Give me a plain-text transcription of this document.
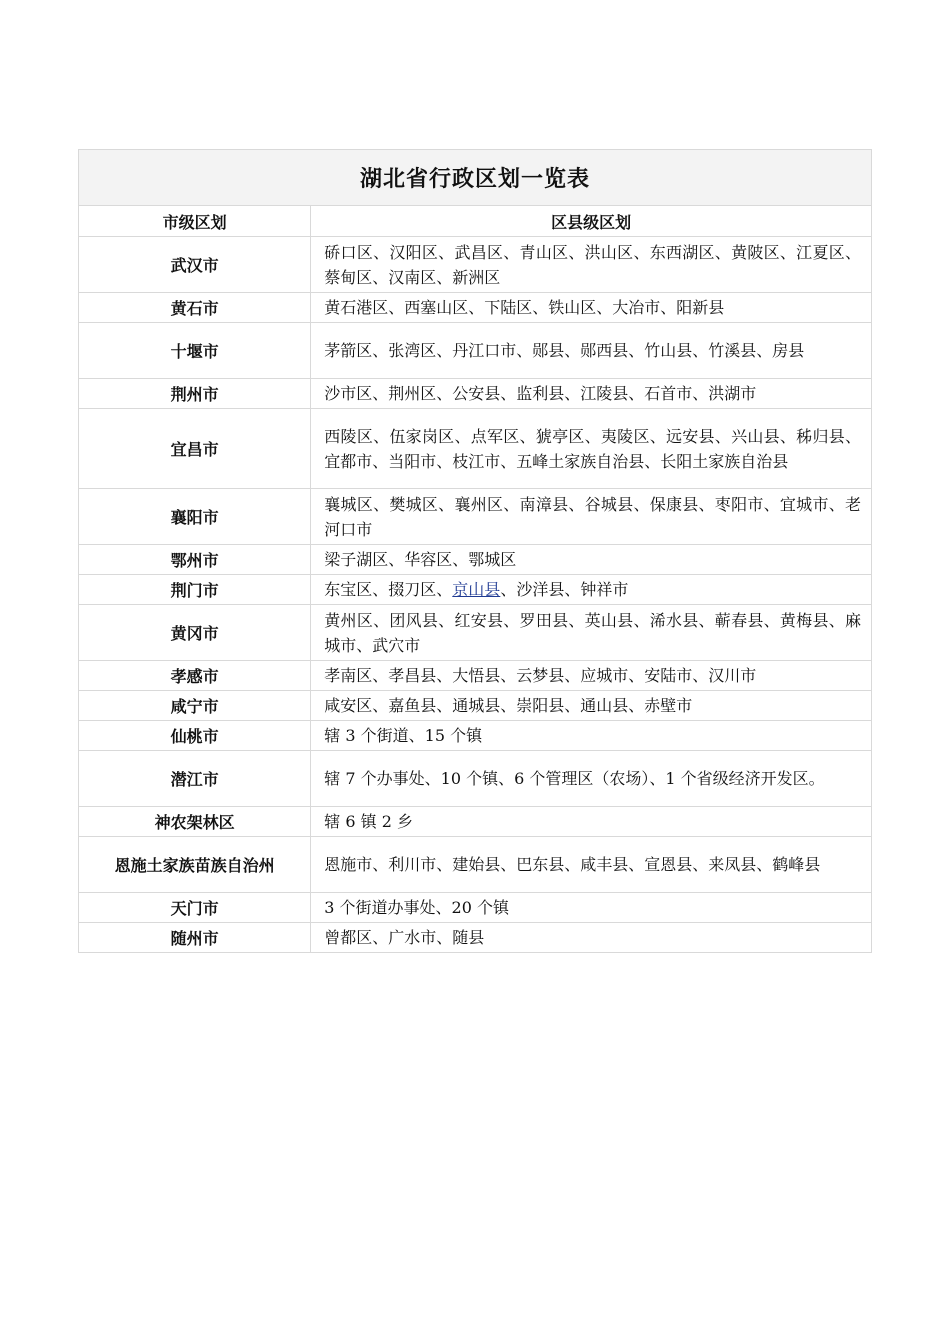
湖北省行政区划一览表	
市级区划	区县级区划
武汉市	硚口区、汉阳区、武昌区、青山区、洪山区、东西湖区、黄陂区、江夏区、蔡甸区、汉南区、新洲区
黄石市	黄石港区、西塞山区、下陆区、铁山区、大冶市、阳新县
十堰市	茅箭区、张湾区、丹江口市、郧县、郧西县、竹山县、竹溪县、房县
荆州市	沙市区、荆州区、公安县、监利县、江陵县、石首市、洪湖市
宜昌市	西陵区、伍家岗区、点军区、猇亭区、夷陵区、远安县、兴山县、秭归县、宜都市、当阳市、枝江市、五峰土家族自治县、长阳土家族自治县
襄阳市	襄城区、樊城区、襄州区、南漳县、谷城县、保康县、枣阳市、宜城市、老河口市
鄂州市	梁子湖区、华容区、鄂城区
荆门市	东宝区、掇刀区、京山县、沙洋县、钟祥市
黄冈市	黄州区、团风县、红安县、罗田县、英山县、浠水县、蕲春县、黄梅县、麻城市、武穴市
孝感市	孝南区、孝昌县、大悟县、云梦县、应城市、安陆市、汉川市
咸宁市	咸安区、嘉鱼县、通城县、崇阳县、通山县、赤壁市
仙桃市	辖 3 个街道、15 个镇
潜江市	辖 7 个办事处、10 个镇、6 个管理区（农场）、1 个省级经济开发区。
神农架林区	辖 6 镇 2 乡
恩施土家族苗族自治州	恩施市、利川市、建始县、巴东县、咸丰县、宣恩县、来凤县、鹤峰县
天门市	3 个街道办事处、20 个镇
随州市	曾都区、广水市、随县
